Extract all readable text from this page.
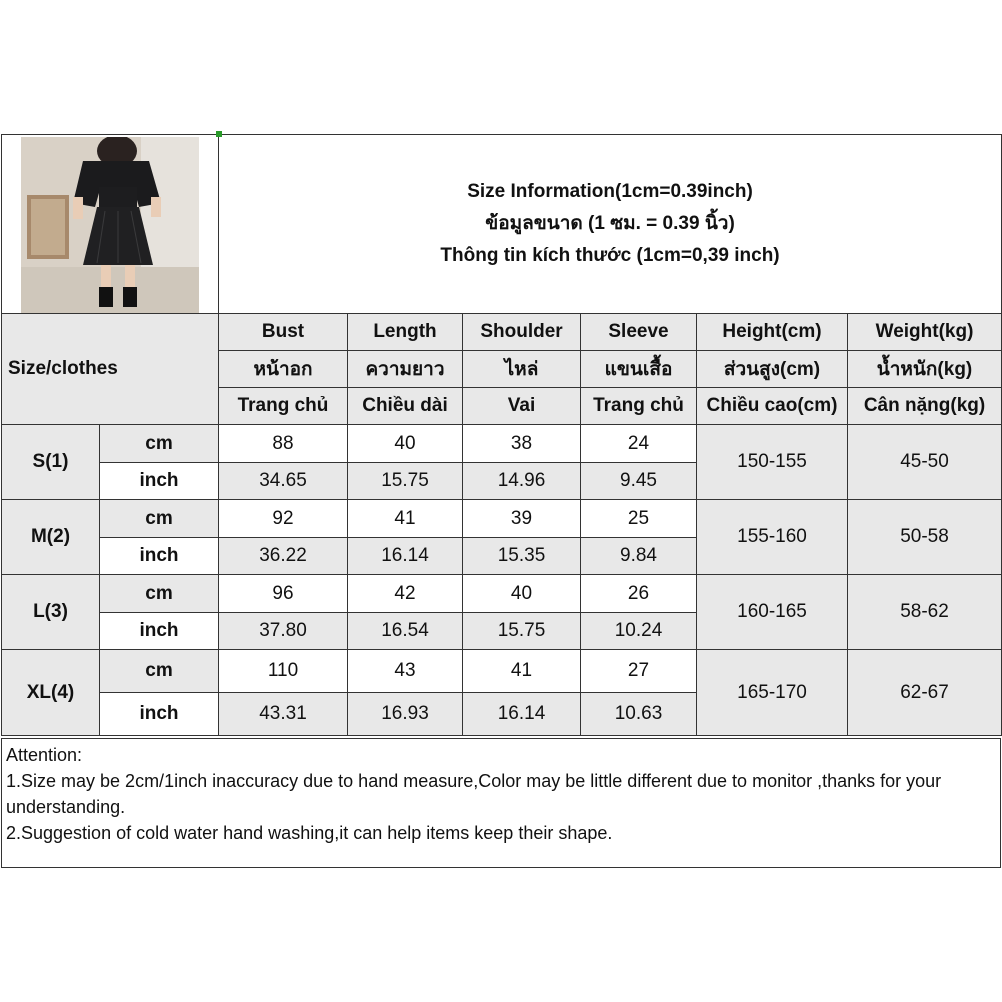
Size Information(1cm=0.39inch)
ข้อมูลขนาด (1 ซม. = 0.39 นิ้ว)
Thông tin kích thước (1cm=0,39 inch)					

Size/clothes		Bust	Length	Shoulder	Sleeve	Height(cm)	Weight(kg)
		หน้าอก	ความยาว	ไหล่	แขนเสื้อ	ส่วนสูง(cm)	น้ำหนัก(kg)
		Trang chủ	Chiều dài	Vai	Trang chủ	Chiều cao(cm)	Cân nặng(kg)
S(1)	cm	88	40	38	24	150-155	45-50
	inch	34.65	15.75	14.96	9.45		
M(2)	cm	92	41	39	25	155-160	50-58
	inch	36.22	16.14	15.35	9.84		
L(3)	cm	96	42	40	26	160-165	58-62
	inch	37.80	16.54	15.75	10.24		
XL(4)	cm	110	43	41	27	165-170	62-67
	inch	43.31	16.93	16.14	10.63		
Attention:
1.Size may be 2cm/1inch inaccuracy due to hand measure,Color may be little different due to monitor ,thanks for your understanding.
2.Suggestion of cold water hand washing,it can help items keep their shape.
